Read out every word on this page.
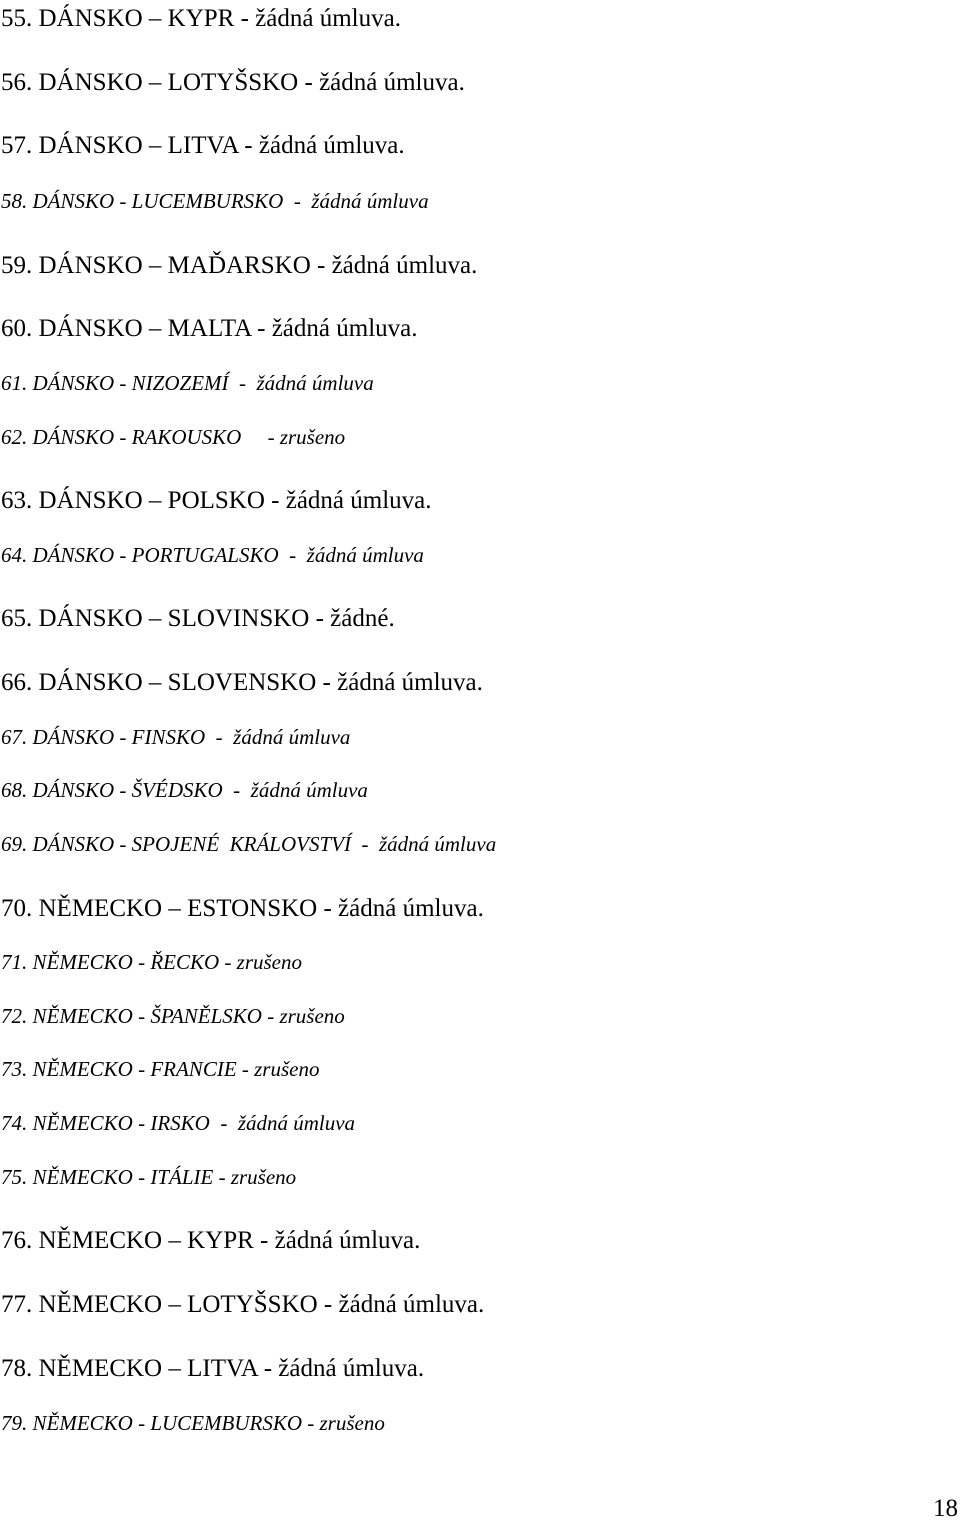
55. DÁNSKO – KYPR - žádná úmluva.

56. DÁNSKO – LOTYŠSKO - žádná úmluva.

57. DÁNSKO – LITVA - žádná úmluva.

58. DÁNSKO - LUCEMBURSKO  -  žádná úmluva

59. DÁNSKO – MAĎARSKO - žádná úmluva.

60. DÁNSKO – MALTA - žádná úmluva.

61. DÁNSKO - NIZOZEMÍ  -  žádná úmluva

62. DÁNSKO - RAKOUSKO     - zrušeno

63. DÁNSKO – POLSKO - žádná úmluva.

64. DÁNSKO - PORTUGALSKO  -  žádná úmluva

65. DÁNSKO – SLOVINSKO - žádné.

66. DÁNSKO – SLOVENSKO - žádná úmluva.

67. DÁNSKO - FINSKO  -  žádná úmluva

68. DÁNSKO - ŠVÉDSKO  -  žádná úmluva

69. DÁNSKO - SPOJENÉ  KRÁLOVSTVÍ  -  žádná úmluva

70. NĚMECKO – ESTONSKO - žádná úmluva.

71. NĚMECKO - ŘECKO - zrušeno

72. NĚMECKO - ŠPANĚLSKO - zrušeno

73. NĚMECKO - FRANCIE - zrušeno

74. NĚMECKO - IRSKO  -  žádná úmluva

75. NĚMECKO - ITÁLIE - zrušeno

76. NĚMECKO – KYPR - žádná úmluva.

77. NĚMECKO – LOTYŠSKO - žádná úmluva.

78. NĚMECKO – LITVA - žádná úmluva.

79. NĚMECKO - LUCEMBURSKO - zrušeno

18
